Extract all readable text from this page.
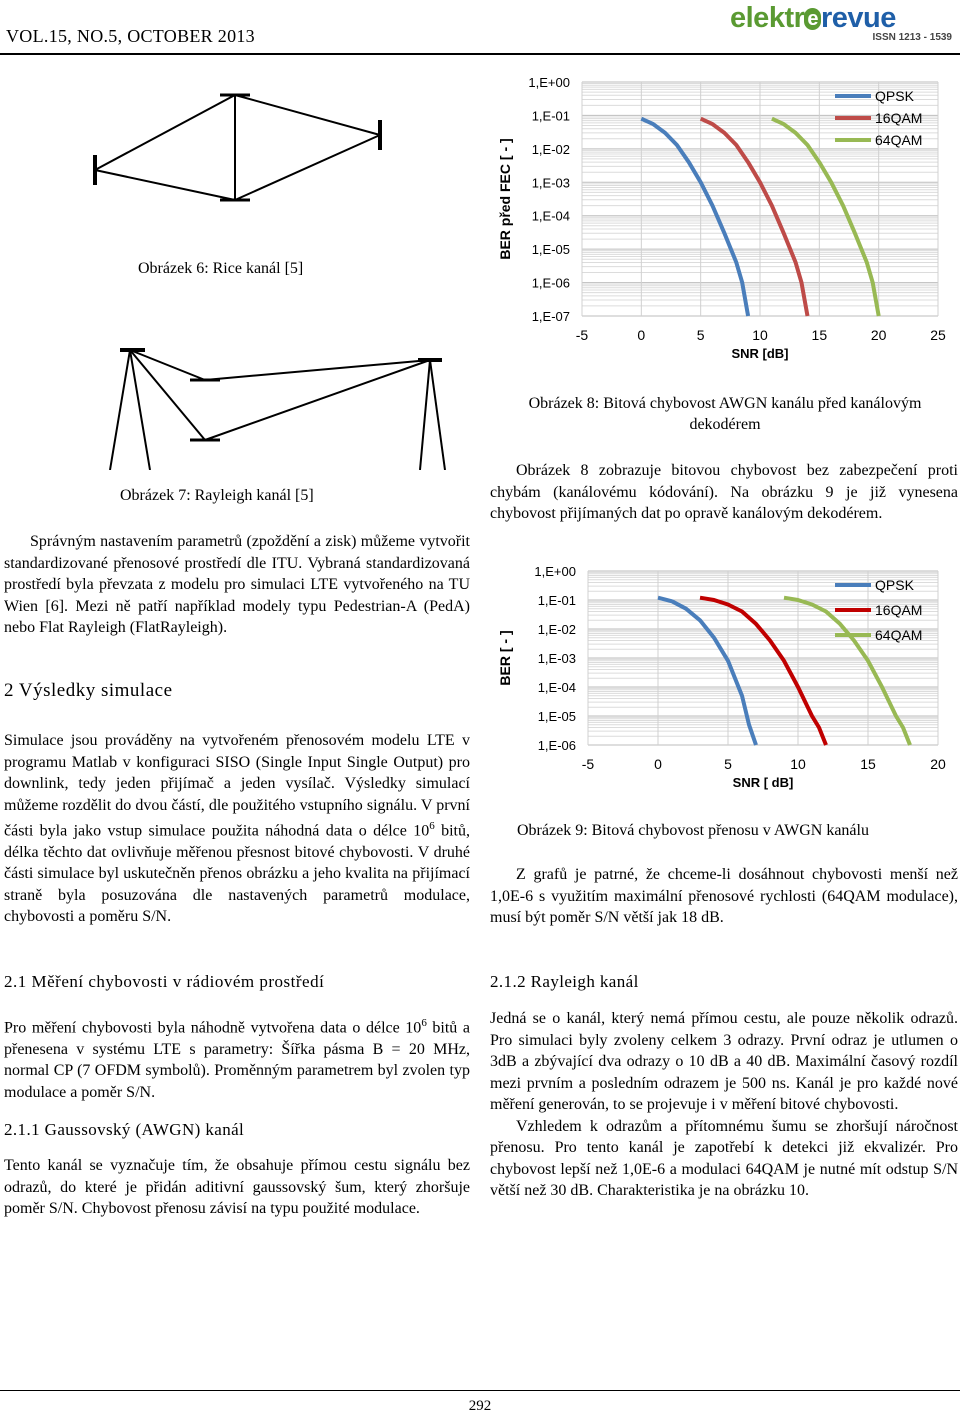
VOL.15, NO.5, OCTOBER 2013
elektr e revue
ISSN 1213 - 1539
Obrázek 6: Rice kanál [5]
Obrázek 7: Rayleigh kanál [5]
1,E+00
1,E-01
1,E-02
1,E-03
1,E-04
1,E-05
1,E-06
1,E-07
-5	0	5	10	15	20	25
SNR [dB]
BER před FEC [ - ]
QPSK
16QAM
64QAM
Obrázek 8: Bitová chybovost AWGN kanálu před kanálovým
dekodérem

Obrázek 8 zobrazuje bitovou chybovost bez zabezpečení proti chybám (kanálovému kódování). Na obrázku 9 je již vynesena chybovost přijímaných dat po opravě kanálovým dekodérem.

1,E+00
1,E-01
1,E-02
1,E-03
1,E-04
1,E-05
1,E-06
-5	0	5	10	15	20
SNR [ dB]
BER [ - ]
QPSK
16QAM
64QAM
Obrázek 9: Bitová chybovost přenosu v AWGN kanálu

Z grafů je patrné, že chceme-li dosáhnout chybovosti menší než 1,0E-6 s využitím maximální přenosové rychlosti (64QAM modulace), musí být poměr S/N větší jak 18 dB.

Správným nastavením parametrů (zpoždění a zisk) můžeme vytvořit standardizované přenosové prostředí dle ITU. Vybraná standardizovaná prostředí byla převzata z modelu pro simulaci LTE vytvořeného na TU Wien [6]. Mezi ně patří například modely typu Pedestrian-A (PedA) nebo Flat Rayleigh (FlatRayleigh).

2 Výsledky simulace

Simulace jsou prováděny na vytvořeném přenosovém modelu LTE v programu Matlab v konfiguraci SISO (Single Input Single Output) pro downlink, tedy jeden přijímač a jeden vysílač. Výsledky simulací můžeme rozdělit do dvou částí, dle použitého vstupního signálu. V první části byla jako vstup simulace použita náhodná data o délce $10^6$ bitů, délka těchto dat ovlivňuje měřenou přesnost bitové chybovosti. V druhé části simulace byl uskutečněn přenos obrázku a jeho kvalita na přijímací straně byla posuzována dle nastavených parametrů modulace, chybovosti a poměru S/N.

2.1 Měření chybovosti v rádiovém prostředí

Pro měření chybovosti byla náhodně vytvořena data o délce $10^6$ bitů a přenesena v systému LTE s parametry: Šířka pásma B = 20 MHz, normal CP (7 OFDM symbolů). Proměnným parametrem byl zvolen typ modulace a poměr S/N.

2.1.1 Gaussovský (AWGN) kanál

Tento kanál se vyznačuje tím, že obsahuje přímou cestu signálu bez odrazů, do které je přidán aditivní gaussovský šum, který zhoršuje poměr S/N. Chybovost přenosu závisí na typu použité modulace.

2.1.2 Rayleigh kanál

Jedná se o kanál, který nemá přímou cestu, ale pouze několik odrazů. Pro simulaci byly zvoleny celkem 3 odrazy. První odraz je utlumen o 3dB a zbývající dva odrazy o 10 dB a 40 dB. Maximální časový rozdíl mezi prvním a posledním odrazem je 500 ns. Kanál je pro každé nové měření generován, to se projevuje i v měření bitové chybovosti.

Vzhledem k odrazům a přítomnému šumu se zhoršují náročnost přenosu. Pro tento kanál je zapotřebí k detekci již ekvalizér. Pro chybovost lepší než 1,0E-6 a modulaci 64QAM je nutné mít odstup S/N větší než 30 dB. Charakteristika je na obrázku 10.

292
